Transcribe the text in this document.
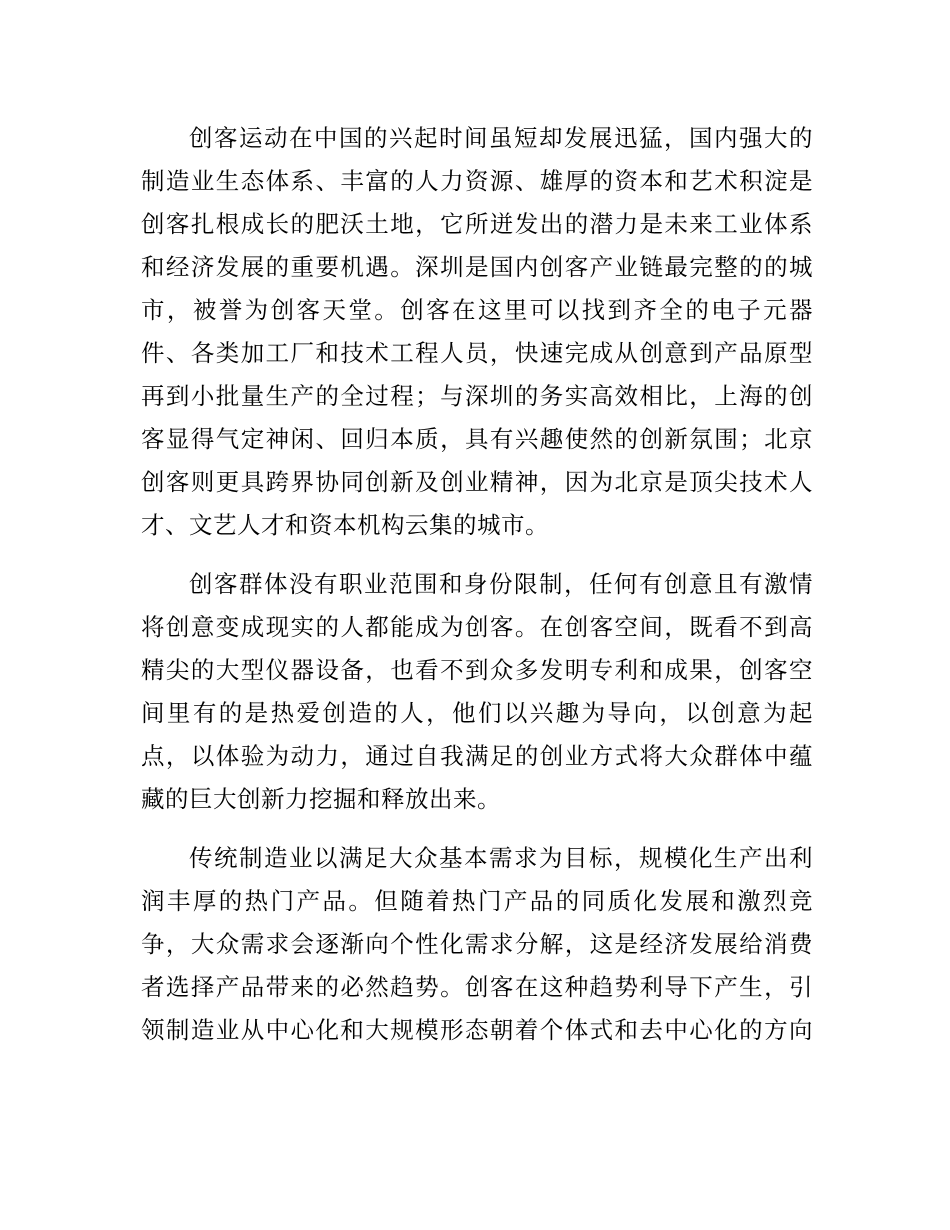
创客运动在中国的兴起时间虽短却发展迅猛，国内强大的
制造业生态体系、丰富的人力资源、雄厚的资本和艺术积淀是
创客扎根成长的肥沃土地，它所迸发出的潜力是未来工业体系
和经济发展的重要机遇。深圳是国内创客产业链最完整的的城
市，被誉为创客天堂。创客在这里可以找到齐全的电子元器
件、各类加工厂和技术工程人员，快速完成从创意到产品原型
再到小批量生产的全过程；与深圳的务实高效相比，上海的创
客显得气定神闲、回归本质，具有兴趣使然的创新氛围；北京
创客则更具跨界协同创新及创业精神，因为北京是顶尖技术人
才、文艺人才和资本机构云集的城市。
创客群体没有职业范围和身份限制，任何有创意且有激情
将创意变成现实的人都能成为创客。在创客空间，既看不到高
精尖的大型仪器设备，也看不到众多发明专利和成果，创客空
间里有的是热爱创造的人，他们以兴趣为导向，以创意为起
点，以体验为动力，通过自我满足的创业方式将大众群体中蕴
藏的巨大创新力挖掘和释放出来。
传统制造业以满足大众基本需求为目标，规模化生产出利
润丰厚的热门产品。但随着热门产品的同质化发展和激烈竞
争，大众需求会逐渐向个性化需求分解，这是经济发展给消费
者选择产品带来的必然趋势。创客在这种趋势利导下产生，引
领制造业从中心化和大规模形态朝着个体式和去中心化的方向
